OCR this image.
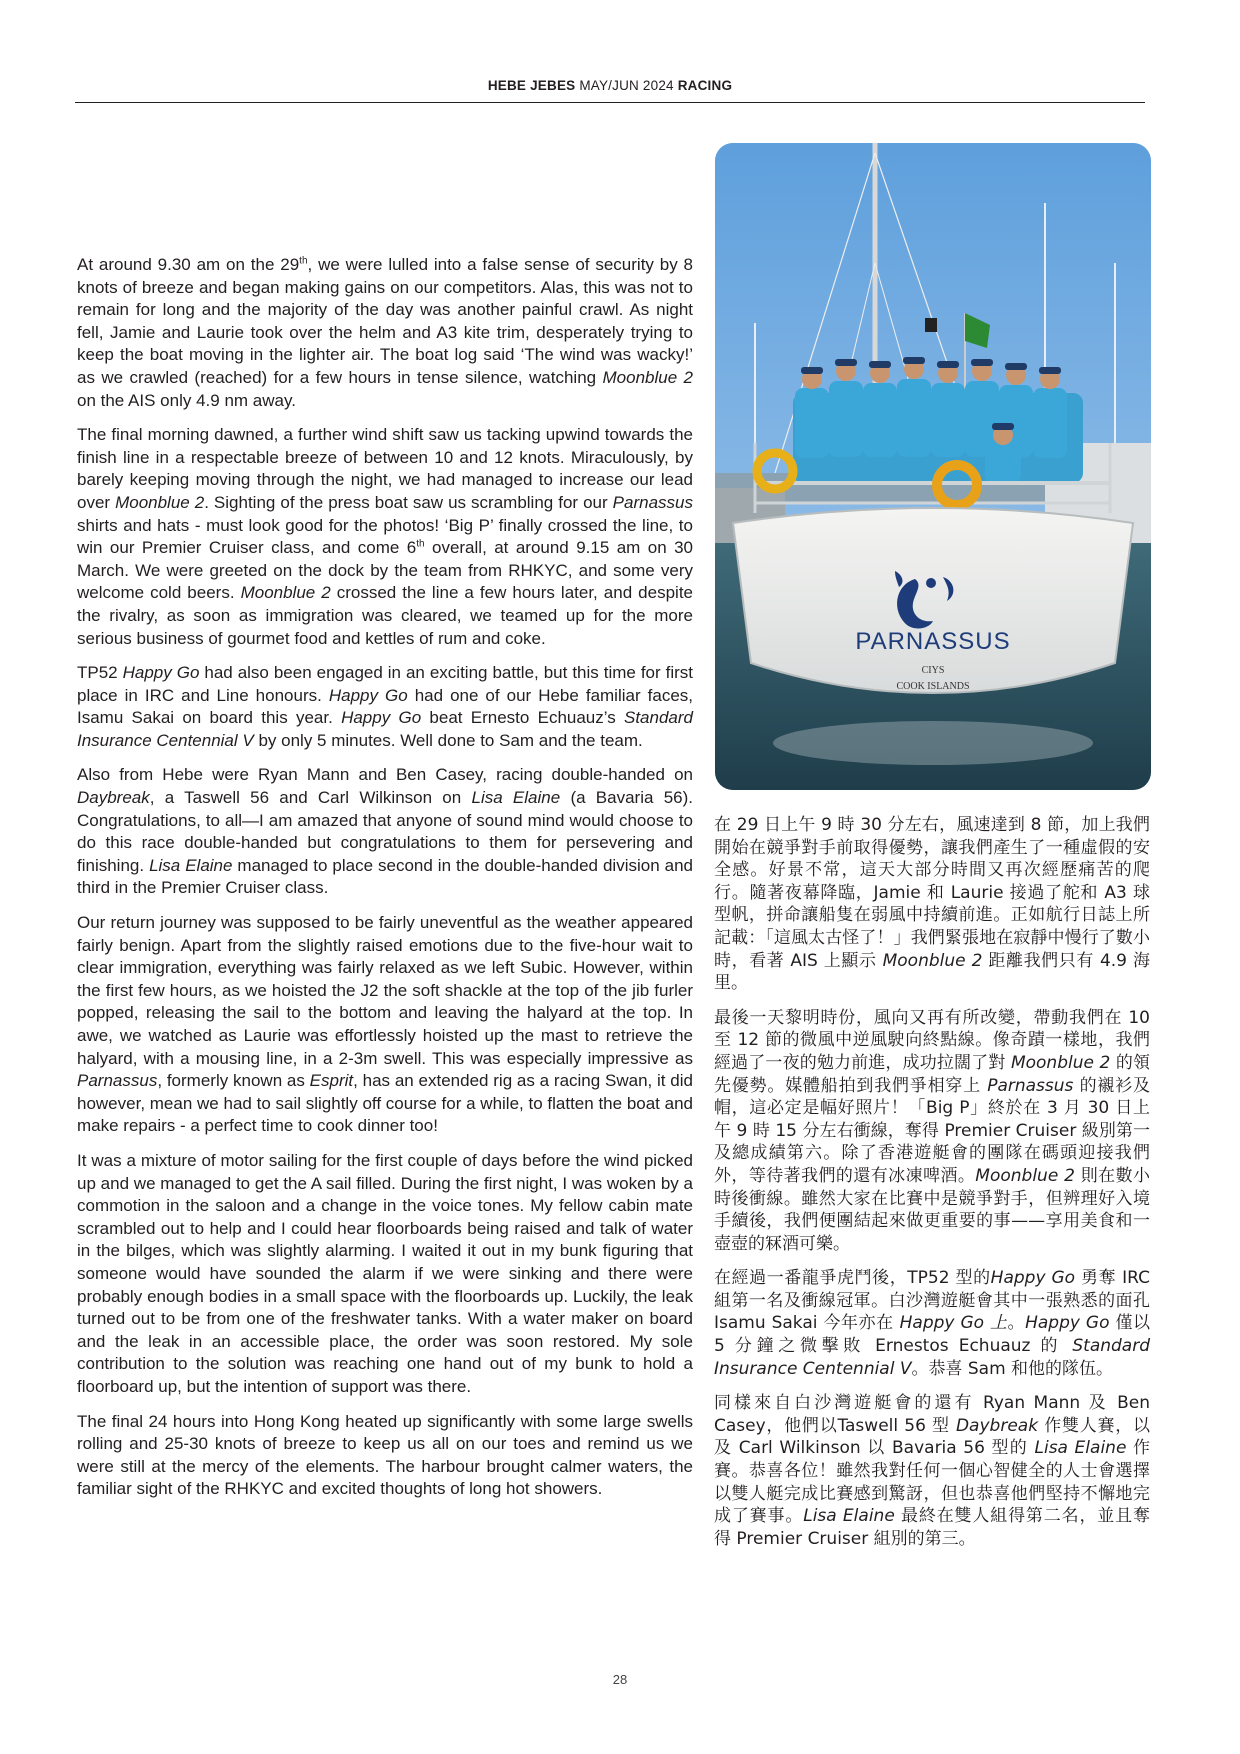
HEBE JEBES MAY/JUN 2024 RACING

At around 9.30 am on the 29th, we were lulled into a false sense of security by 8 knots of breeze and began making gains on our competitors. Alas, this was not to remain for long and the majority of the day was another painful crawl. As night fell, Jamie and Laurie took over the helm and A3 kite trim, desperately trying to keep the boat moving in the lighter air. The boat log said ‘The wind was wacky!’ as we crawled (reached) for a few hours in tense silence, watching Moonblue 2 on the AIS only 4.9 nm away.

The final morning dawned, a further wind shift saw us tacking upwind towards the finish line in a respectable breeze of between 10 and 12 knots. Miraculously, by barely keeping moving through the night, we had managed to increase our lead over Moonblue 2. Sighting of the press boat saw us scrambling for our Parnassus shirts and hats - must look good for the photos! ‘Big P’ finally crossed the line, to win our Premier Cruiser class, and come 6th overall, at around 9.15 am on 30 March. We were greeted on the dock by the team from RHKYC, and some very welcome cold beers. Moonblue 2 crossed the line a few hours later, and despite the rivalry, as soon as immigration was cleared, we teamed up for the more serious business of gourmet food and kettles of rum and coke.

TP52 Happy Go had also been engaged in an exciting battle, but this time for first place in IRC and Line honours. Happy Go had one of our Hebe familiar faces, Isamu Sakai on board this year. Happy Go beat Ernesto Echuauz’s Standard Insurance Centennial V by only 5 minutes. Well done to Sam and the team.

Also from Hebe were Ryan Mann and Ben Casey, racing double-handed on Daybreak, a Taswell 56 and Carl Wilkinson on Lisa Elaine (a Bavaria 56). Congratulations, to all—I am amazed that anyone of sound mind would choose to do this race double-handed but congratulations to them for persevering and finishing. Lisa Elaine managed to place second in the double-handed division and third in the Premier Cruiser class.

Our return journey was supposed to be fairly uneventful as the weather appeared fairly benign. Apart from the slightly raised emotions due to the five-hour wait to clear immigration, everything was fairly relaxed as we left Subic. However, within the first few hours, as we hoisted the J2 the soft shackle at the top of the jib furler popped, releasing the sail to the bottom and leaving the halyard at the top. In awe, we watched as Laurie was effortlessly hoisted up the mast to retrieve the halyard, with a mousing line, in a 2-3m swell. This was especially impressive as Parnassus, formerly known as Esprit, has an extended rig as a racing Swan, it did however, mean we had to sail slightly off course for a while, to flatten the boat and make repairs - a perfect time to cook dinner too!

It was a mixture of motor sailing for the first couple of days before the wind picked up and we managed to get the A sail filled. During the first night, I was woken by a commotion in the saloon and a change in the voice tones. My fellow cabin mate scrambled out to help and I could hear floorboards being raised and talk of water in the bilges, which was slightly alarming. I waited it out in my bunk figuring that someone would have sounded the alarm if we were sinking and there were probably enough bodies in a small space with the floorboards up. Luckily, the leak turned out to be from one of the freshwater tanks. With a water maker on board and the leak in an accessible place, the order was soon restored. My sole contribution to the solution was reaching one hand out of my bunk to hold a floorboard up, but the intention of support was there.

The final 24 hours into Hong Kong heated up significantly with some large swells rolling and 25-30 knots of breeze to keep us all on our toes and remind us we were still at the mercy of the elements. The harbour brought calmer waters, the familiar sight of the RHKYC and excited thoughts of long hot showers.

PARNASSUS
CIYS
COOK ISLANDS

在 29 日上午 9 時 30 分左右，風速達到 8 節，加上我們開始在競爭對手前取得優勢，讓我們產生了一種虛假的安全感。好景不常，這天大部分時間又再次經歷痛苦的爬行。隨著夜幕降臨，Jamie 和 Laurie 接過了舵和 A3 球型帆，拼命讓船隻在弱風中持續前進。正如航行日誌上所記載：「這風太古怪了！」我們緊張地在寂靜中慢行了數小時，看著 AIS 上顯示 Moonblue 2 距離我們只有 4.9 海里。

最後一天黎明時份，風向又再有所改變，帶動我們在 10 至 12 節的微風中逆風駛向終點線。像奇蹟一樣地，我們經過了一夜的勉力前進，成功拉闊了對 Moonblue 2 的領先優勢。媒體船拍到我們爭相穿上 Parnassus 的襯衫及帽，這必定是幅好照片！「Big P」終於在 3 月 30 日上午 9 時 15 分左右衝線，奪得 Premier Cruiser 級別第一及總成績第六。除了香港遊艇會的團隊在碼頭迎接我們外，等待著我們的還有冰凍啤酒。Moonblue 2 則在數小時後衝線。雖然大家在比賽中是競爭對手，但辨理好入境手續後，我們便團結起來做更重要的事——享用美食和一壺壺的冧酒可樂。

在經過一番龍爭虎鬥後，TP52 型的Happy Go 勇奪 IRC 組第一名及衝線冠軍。白沙灣遊艇會其中一張熟悉的面孔 Isamu Sakai 今年亦在 Happy Go 上。Happy Go 僅以 5 分鐘之微擊敗 Ernestos Echuauz 的 Standard Insurance Centennial V。恭喜 Sam 和他的隊伍。

同樣來自白沙灣遊艇會的還有 Ryan Mann 及 Ben Casey，他們以Taswell 56 型 Daybreak 作雙人賽，以及 Carl Wilkinson 以 Bavaria 56 型的 Lisa Elaine 作賽。恭喜各位！雖然我對任何一個心智健全的人士會選擇以雙人艇完成比賽感到驚訝，但也恭喜他們堅持不懈地完成了賽事。Lisa Elaine 最終在雙人組得第二名，並且奪得 Premier Cruiser 組別的第三。

28
